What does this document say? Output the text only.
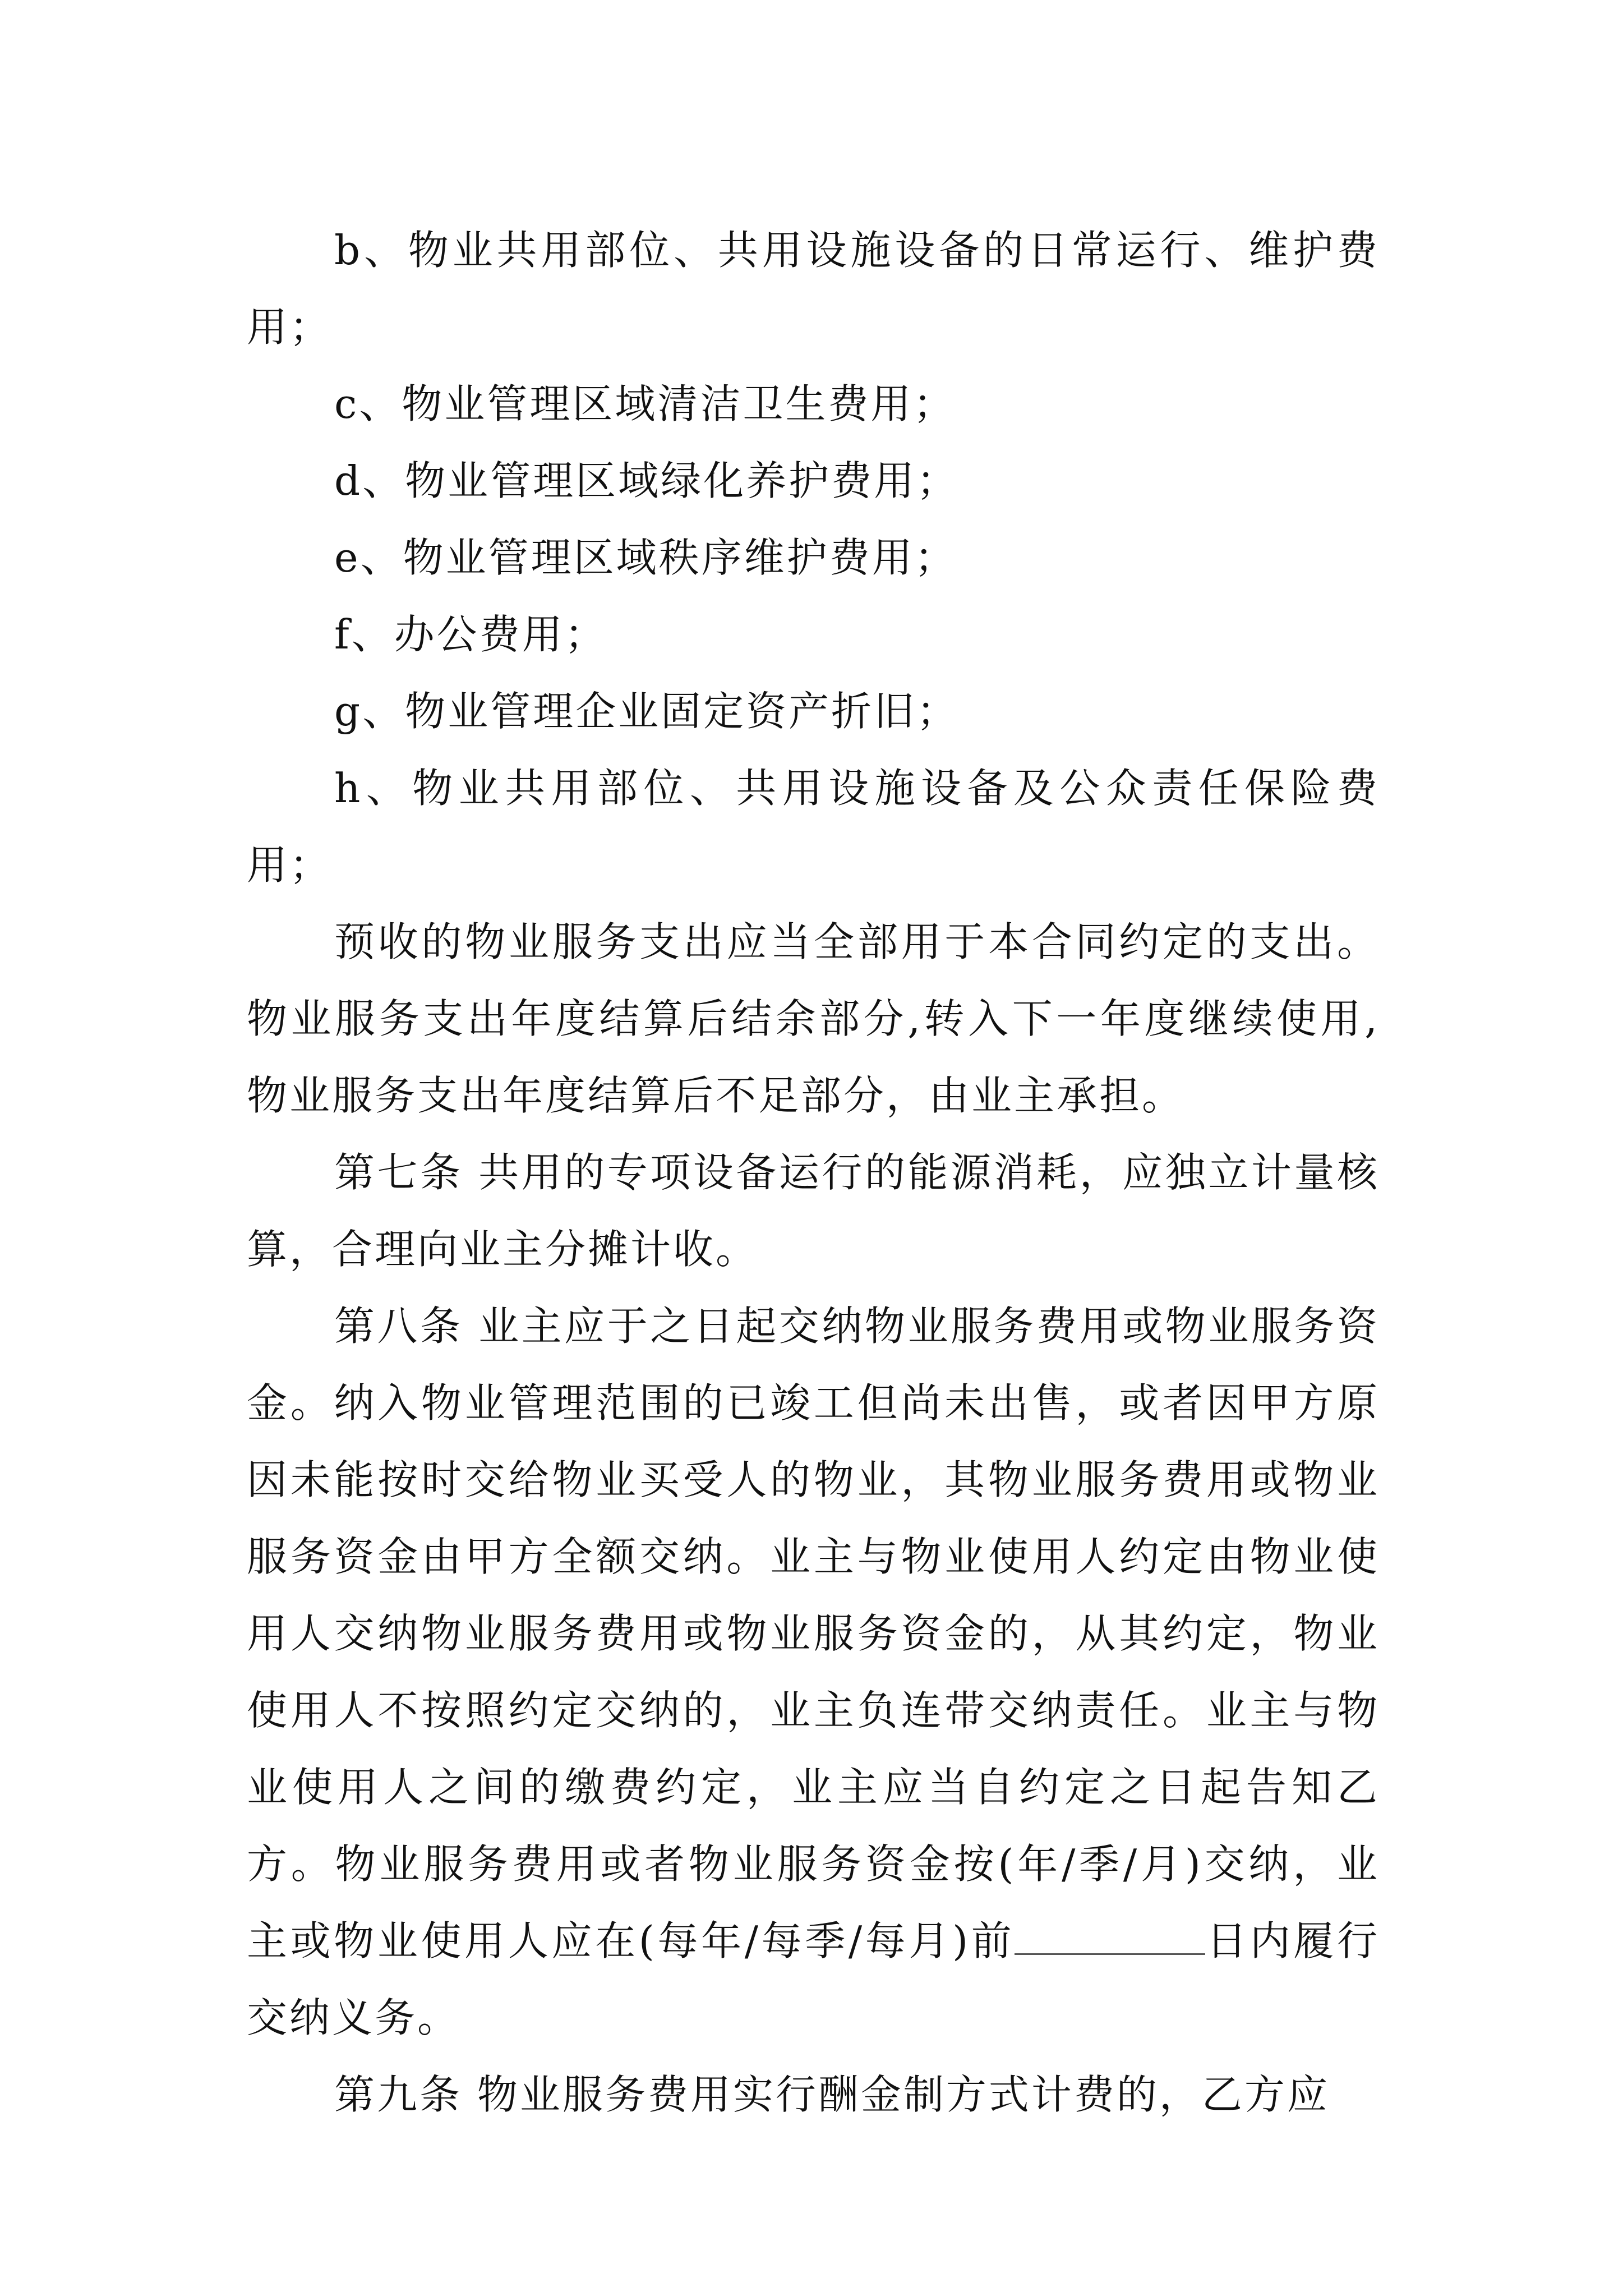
b、物业共用部位、共用设施设备的日常运行、维护费用；

c、物业管理区域清洁卫生费用；

d、物业管理区域绿化养护费用；

e、物业管理区域秩序维护费用；

f、办公费用；

g、物业管理企业固定资产折旧；

h、物业共用部位、共用设施设备及公众责任保险费用；

预收的物业服务支出应当全部用于本合同约定的支出。物业服务支出年度结算后结余部分,转入下一年度继续使用,物业服务支出年度结算后不足部分，由业主承担。

第七条 共用的专项设备运行的能源消耗，应独立计量核算，合理向业主分摊计收。

第八条 业主应于之日起交纳物业服务费用或物业服务资金。纳入物业管理范围的已竣工但尚未出售，或者因甲方原因未能按时交给物业买受人的物业，其物业服务费用或物业服务资金由甲方全额交纳。业主与物业使用人约定由物业使用人交纳物业服务费用或物业服务资金的，从其约定，物业使用人不按照约定交纳的，业主负连带交纳责任。业主与物业使用人之间的缴费约定，业主应当自约定之日起告知乙方。物业服务费用或者物业服务资金按(年/季/月)交纳，业主或物业使用人应在(每年/每季/每月)前	日内履行交纳义务。

第九条 物业服务费用实行酬金制方式计费的，乙方应
